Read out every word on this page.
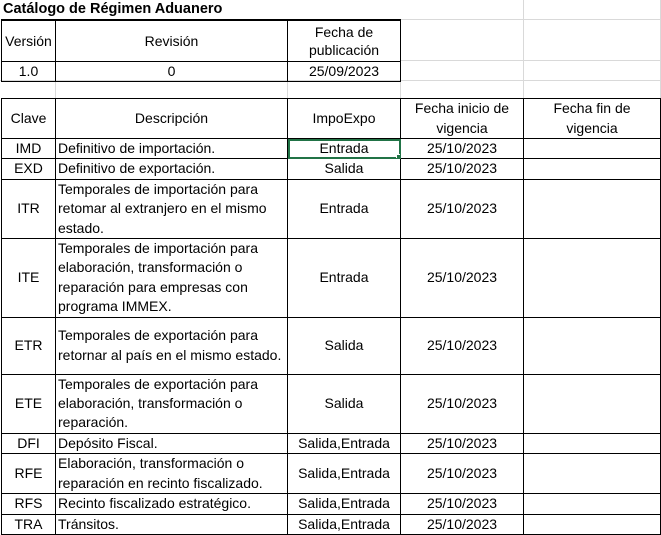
Catálogo de Régimen Aduanero
Versión	Revisión	Fecha de publicación
1.0	0	25/09/2023
Clave	Descripción	ImpoExpo	Fecha inicio de vigencia	Fecha fin de vigencia
IMD	Definitivo de importación.	Entrada	25/10/2023	
EXD	Definitivo de exportación.	Salida	25/10/2023	
ITR	Temporales de importación para retomar al extranjero en el mismo estado.	Entrada	25/10/2023	
ITE	Temporales de importación para elaboración, transformación o reparación para empresas con programa IMMEX.	Entrada	25/10/2023	
ETR	Temporales de exportación para retornar al país en el mismo estado.	Salida	25/10/2023	
ETE	Temporales de exportación para elaboración, transformación o reparación.	Salida	25/10/2023	
DFI	Depósito Fiscal.	Salida,Entrada	25/10/2023	
RFE	Elaboración, transformación o reparación en recinto fiscalizado.	Salida,Entrada	25/10/2023	
RFS	Recinto fiscalizado estratégico.	Salida,Entrada	25/10/2023	
TRA	Tránsitos.	Salida,Entrada	25/10/2023	
